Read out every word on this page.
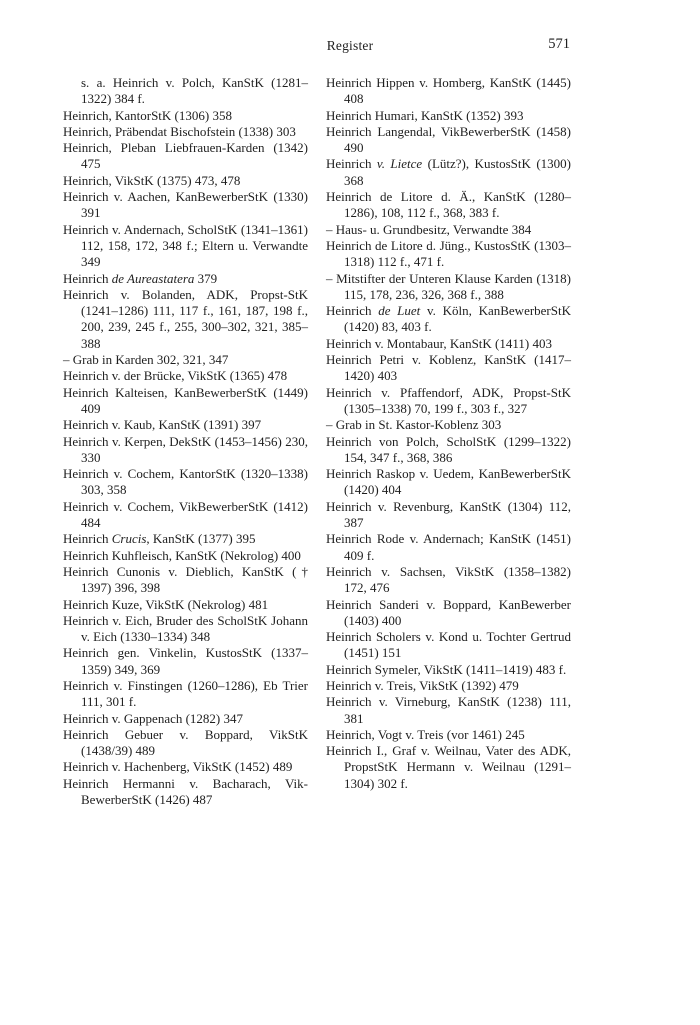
Register	571

s. a. Heinrich v. Polch, KanStK (1281–1322) 384 f.

Heinrich, KantorStK (1306) 358

Heinrich, Präbendat Bischofstein (1338) 303

Heinrich, Pleban Liebfrauen-Karden (1342) 475

Heinrich, VikStK (1375) 473, 478

Heinrich v. Aachen, KanBewerberStK (1330) 391

Heinrich v. Andernach, ScholStK (1341–1361) 112, 158, 172, 348 f.; Eltern u. Verwandte 349

Heinrich de Aureastatera 379

Heinrich v. Bolanden, ADK, Propst-StK (1241–1286) 111, 117 f., 161, 187, 198 f., 200, 239, 245 f., 255, 300–302, 321, 385–388

– Grab in Karden 302, 321, 347

Heinrich v. der Brücke, VikStK (1365) 478

Heinrich Kalteisen, KanBewerberStK (1449) 409

Heinrich v. Kaub, KanStK (1391) 397

Heinrich v. Kerpen, DekStK (1453–1456) 230, 330

Heinrich v. Cochem, KantorStK (1320–1338) 303, 358

Heinrich v. Cochem, VikBewerberStK (1412) 484

Heinrich Crucis, KanStK (1377) 395

Heinrich Kuhfleisch, KanStK (Nekrolog) 400

Heinrich Cunonis v. Dieblich, KanStK († 1397) 396, 398

Heinrich Kuze, VikStK (Nekrolog) 481

Heinrich v. Eich, Bruder des ScholStK Johann v. Eich (1330–1334) 348

Heinrich gen. Vinkelin, KustosStK (1337–1359) 349, 369

Heinrich v. Finstingen (1260–1286), Eb Trier 111, 301 f.

Heinrich v. Gappenach (1282) 347

Heinrich Gebuer v. Boppard, VikStK (1438/39) 489

Heinrich v. Hachenberg, VikStK (1452) 489

Heinrich Hermanni v. Bacharach, Vik-BewerberStK (1426) 487

Heinrich Hippen v. Homberg, KanStK (1445) 408

Heinrich Humari, KanStK (1352) 393

Heinrich Langendal, VikBewerberStK (1458) 490

Heinrich v. Lietce (Lütz?), KustosStK (1300) 368

Heinrich de Litore d. Ä., KanStK (1280–1286), 108, 112 f., 368, 383 f.

– Haus- u. Grundbesitz, Verwandte 384

Heinrich de Litore d. Jüng., KustosStK (1303–1318) 112 f., 471 f.

– Mitstifter der Unteren Klause Karden (1318) 115, 178, 236, 326, 368 f., 388

Heinrich de Luet v. Köln, KanBewerberStK (1420) 83, 403 f.

Heinrich v. Montabaur, KanStK (1411) 403

Heinrich Petri v. Koblenz, KanStK (1417–1420) 403

Heinrich v. Pfaffendorf, ADK, Propst-StK (1305–1338) 70, 199 f., 303 f., 327

– Grab in St. Kastor-Koblenz 303

Heinrich von Polch, ScholStK (1299–1322) 154, 347 f., 368, 386

Heinrich Raskop v. Uedem, KanBewerberStK (1420) 404

Heinrich v. Revenburg, KanStK (1304) 112, 387

Heinrich Rode v. Andernach; KanStK (1451) 409 f.

Heinrich v. Sachsen, VikStK (1358–1382) 172, 476

Heinrich Sanderi v. Boppard, KanBewerber (1403) 400

Heinrich Scholers v. Kond u. Tochter Gertrud (1451) 151

Heinrich Symeler, VikStK (1411–1419) 483 f.

Heinrich v. Treis, VikStK (1392) 479

Heinrich v. Virneburg, KanStK (1238) 111, 381

Heinrich, Vogt v. Treis (vor 1461) 245

Heinrich I., Graf v. Weilnau, Vater des ADK, PropstStK Hermann v. Weilnau (1291–1304) 302 f.
